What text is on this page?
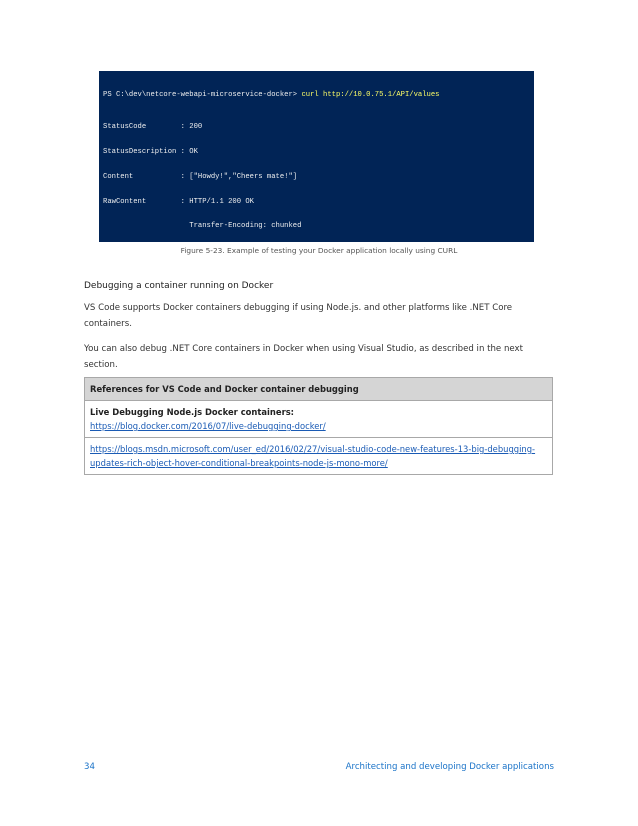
PS C:\dev\netcore-webapi-microservice-docker> curl http://10.0.75.1/API/values

StatusCode        : 200

StatusDescription : OK

Content           : ["Howdy!","Cheers mate!"]

RawContent        : HTTP/1.1 200 OK

Transfer-Encoding: chunked

Figure 5-23. Example of testing your Docker application locally using CURL
Debugging a container running on Docker
VS Code supports Docker containers debugging if using Node.js. and other platforms like .NET Core containers.
You can also debug .NET Core containers in Docker when using Visual Studio, as described in the next section.
References for VS Code and Docker container debugging

Live Debugging Node.js Docker containers:
https://blog.docker.com/2016/07/live-debugging-docker/
https://blogs.msdn.microsoft.com/user_ed/2016/02/27/visual-studio-code-new-features-13-big-debugging-updates-rich-object-hover-conditional-breakpoints-node-js-mono-more/
34	Architecting and developing Docker applications
